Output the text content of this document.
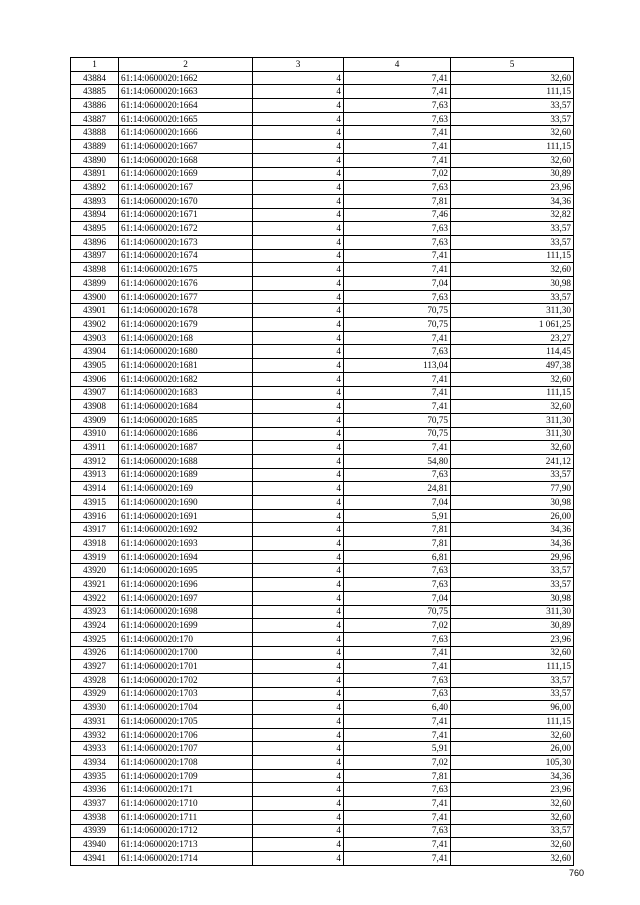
1	2	3	4	5
43884	61:14:0600020:1662	4	7,41	32,60
43885	61:14:0600020:1663	4	7,41	111,15
43886	61:14:0600020:1664	4	7,63	33,57
43887	61:14:0600020:1665	4	7,63	33,57
43888	61:14:0600020:1666	4	7,41	32,60
43889	61:14:0600020:1667	4	7,41	111,15
43890	61:14:0600020:1668	4	7,41	32,60
43891	61:14:0600020:1669	4	7,02	30,89
43892	61:14:0600020:167	4	7,63	23,96
43893	61:14:0600020:1670	4	7,81	34,36
43894	61:14:0600020:1671	4	7,46	32,82
43895	61:14:0600020:1672	4	7,63	33,57
43896	61:14:0600020:1673	4	7,63	33,57
43897	61:14:0600020:1674	4	7,41	111,15
43898	61:14:0600020:1675	4	7,41	32,60
43899	61:14:0600020:1676	4	7,04	30,98
43900	61:14:0600020:1677	4	7,63	33,57
43901	61:14:0600020:1678	4	70,75	311,30
43902	61:14:0600020:1679	4	70,75	1 061,25
43903	61:14:0600020:168	4	7,41	23,27
43904	61:14:0600020:1680	4	7,63	114,45
43905	61:14:0600020:1681	4	113,04	497,38
43906	61:14:0600020:1682	4	7,41	32,60
43907	61:14:0600020:1683	4	7,41	111,15
43908	61:14:0600020:1684	4	7,41	32,60
43909	61:14:0600020:1685	4	70,75	311,30
43910	61:14:0600020:1686	4	70,75	311,30
43911	61:14:0600020:1687	4	7,41	32,60
43912	61:14:0600020:1688	4	54,80	241,12
43913	61:14:0600020:1689	4	7,63	33,57
43914	61:14:0600020:169	4	24,81	77,90
43915	61:14:0600020:1690	4	7,04	30,98
43916	61:14:0600020:1691	4	5,91	26,00
43917	61:14:0600020:1692	4	7,81	34,36
43918	61:14:0600020:1693	4	7,81	34,36
43919	61:14:0600020:1694	4	6,81	29,96
43920	61:14:0600020:1695	4	7,63	33,57
43921	61:14:0600020:1696	4	7,63	33,57
43922	61:14:0600020:1697	4	7,04	30,98
43923	61:14:0600020:1698	4	70,75	311,30
43924	61:14:0600020:1699	4	7,02	30,89
43925	61:14:0600020:170	4	7,63	23,96
43926	61:14:0600020:1700	4	7,41	32,60
43927	61:14:0600020:1701	4	7,41	111,15
43928	61:14:0600020:1702	4	7,63	33,57
43929	61:14:0600020:1703	4	7,63	33,57
43930	61:14:0600020:1704	4	6,40	96,00
43931	61:14:0600020:1705	4	7,41	111,15
43932	61:14:0600020:1706	4	7,41	32,60
43933	61:14:0600020:1707	4	5,91	26,00
43934	61:14:0600020:1708	4	7,02	105,30
43935	61:14:0600020:1709	4	7,81	34,36
43936	61:14:0600020:171	4	7,63	23,96
43937	61:14:0600020:1710	4	7,41	32,60
43938	61:14:0600020:1711	4	7,41	32,60
43939	61:14:0600020:1712	4	7,63	33,57
43940	61:14:0600020:1713	4	7,41	32,60
43941	61:14:0600020:1714	4	7,41	32,60
760
